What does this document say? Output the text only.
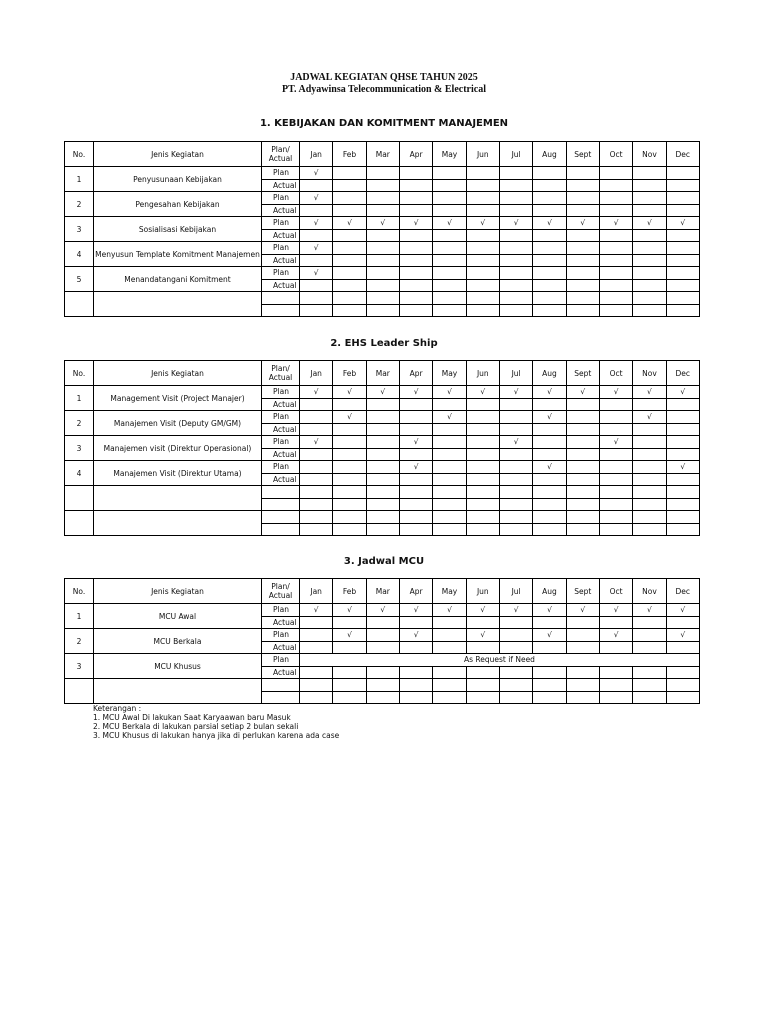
JADWAL KEGIATAN QHSE TAHUN 2025
PT. Adyawinsa Telecommunication & Electrical
1. KEBIJAKAN DAN KOMITMENT MANAJEMEN
No.	Jenis Kegiatan	Plan/ Actual	Jan	Feb	Mar	Apr	May	Jun	Jul	Aug	Sept	Oct	Nov	Dec
1	Penyusunaan Kebijakan	Plan	√											
		Actual												
2	Pengesahan Kebijakan	Plan	√											
		Actual												
3	Sosialisasi Kebijakan	Plan	√	√	√	√	√	√	√	√	√	√	√	√
		Actual												
4	Menyusun Template Komitment Manajemen	Plan	√											
		Actual												
5	Menandatangani Komitment	Plan	√											
		Actual												

2. EHS Leader Ship
No.	Jenis Kegiatan	Plan/ Actual	Jan	Feb	Mar	Apr	May	Jun	Jul	Aug	Sept	Oct	Nov	Dec
1	Management Visit (Project Manajer)	Plan	√	√	√	√	√	√	√	√	√	√	√	√
		Actual												
2	Manajemen Visit (Deputy GM/GM)	Plan		√			√			√			√	
		Actual												
3	Manajemen visit (Direktur Operasional)	Plan	√			√			√			√		
		Actual												
4	Manajemen Visit (Direktur Utama)	Plan				√				√				√
		Actual												

3. Jadwal MCU
No.	Jenis Kegiatan	Plan/ Actual	Jan	Feb	Mar	Apr	May	Jun	Jul	Aug	Sept	Oct	Nov	Dec
1	MCU Awal	Plan	√	√	√	√	√	√	√	√	√	√	√	√
		Actual												
2	MCU Berkala	Plan		√		√		√		√		√		√
		Actual												
3	MCU Khusus	Plan	As Request if Need											
		Actual												

Keterangan :
1. MCU Awal Di lakukan Saat Karyaawan baru Masuk
2. MCU Berkala di lakukan parsial setiap 2 bulan sekali
3. MCU Khusus di lakukan hanya jika di perlukan karena ada case
